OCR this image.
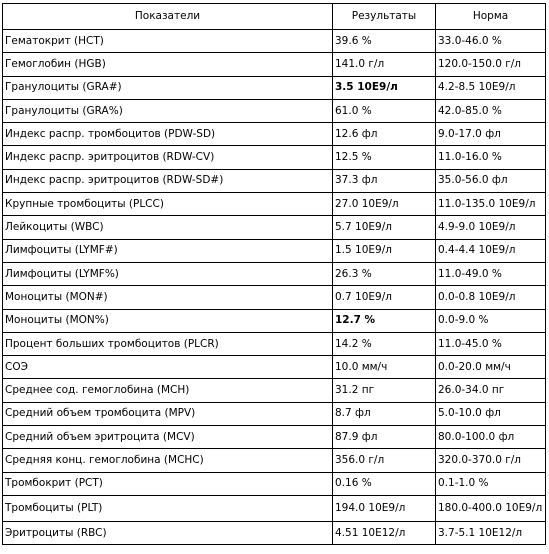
Показатели	Результаты	Норма
Гематокрит (HCT)	39.6 %	33.0-46.0 %
Гемоглобин (HGB)	141.0 г/л	120.0-150.0 г/л
Гранулоциты (GRA#)	3.5 10E9/л	4.2-8.5 10E9/л
Гранулоциты (GRA%)	61.0 %	42.0-85.0 %
Индекс распр. тромбоцитов (PDW-SD)	12.6 фл	9.0-17.0 фл
Индекс распр. эритроцитов (RDW-CV)	12.5 %	11.0-16.0 %
Индекс распр. эритроцитов (RDW-SD#)	37.3 фл	35.0-56.0 фл
Крупные тромбоциты (PLCC)	27.0 10E9/л	11.0-135.0 10E9/л
Лейкоциты (WBC)	5.7 10E9/л	4.9-9.0 10E9/л
Лимфоциты (LYMF#)	1.5 10E9/л	0.4-4.4 10E9/л
Лимфоциты (LYMF%)	26.3 %	11.0-49.0 %
Моноциты (MON#)	0.7 10E9/л	0.0-0.8 10E9/л
Моноциты (MON%)	12.7 %	0.0-9.0 %
Процент больших тромбоцитов (PLCR)	14.2 %	11.0-45.0 %
СОЭ	10.0 мм/ч	0.0-20.0 мм/ч
Среднее сод. гемоглобина (MCH)	31.2 пг	26.0-34.0 пг
Средний объем тромбоцита (MPV)	8.7 фл	5.0-10.0 фл
Средний объем эритроцита (MCV)	87.9 фл	80.0-100.0 фл
Средняя конц. гемоглобина (MCHC)	356.0 г/л	320.0-370.0 г/л
Тромбокрит (PCT)	0.16 %	0.1-1.0 %
Тромбоциты (PLT)	194.0 10E9/л	180.0-400.0 10E9/л
Эритроциты (RBC)	4.51 10E12/л	3.7-5.1 10E12/л
